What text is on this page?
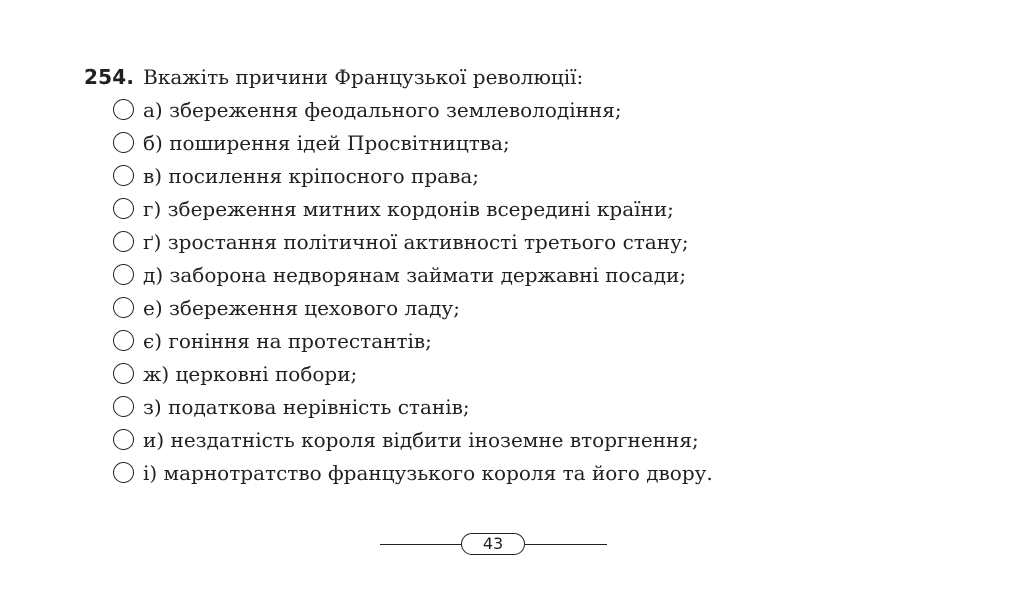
254. Вкажіть причини Французької революції:
а) збереження феодального землеволодіння;
б) поширення ідей Просвітництва;
в) посилення кріпосного права;
г) збереження митних кордонів всередині країни;
ґ) зростання політичної активності третього стану;
д) заборона недворянам займати державні посади;
е) збереження цехового ладу;
є) гоніння на протестантів;
ж) церковні побори;
з) податкова нерівність станів;
и) нездатність короля відбити іноземне вторгнення;
і) марнотратство французького короля та його двору.
43
